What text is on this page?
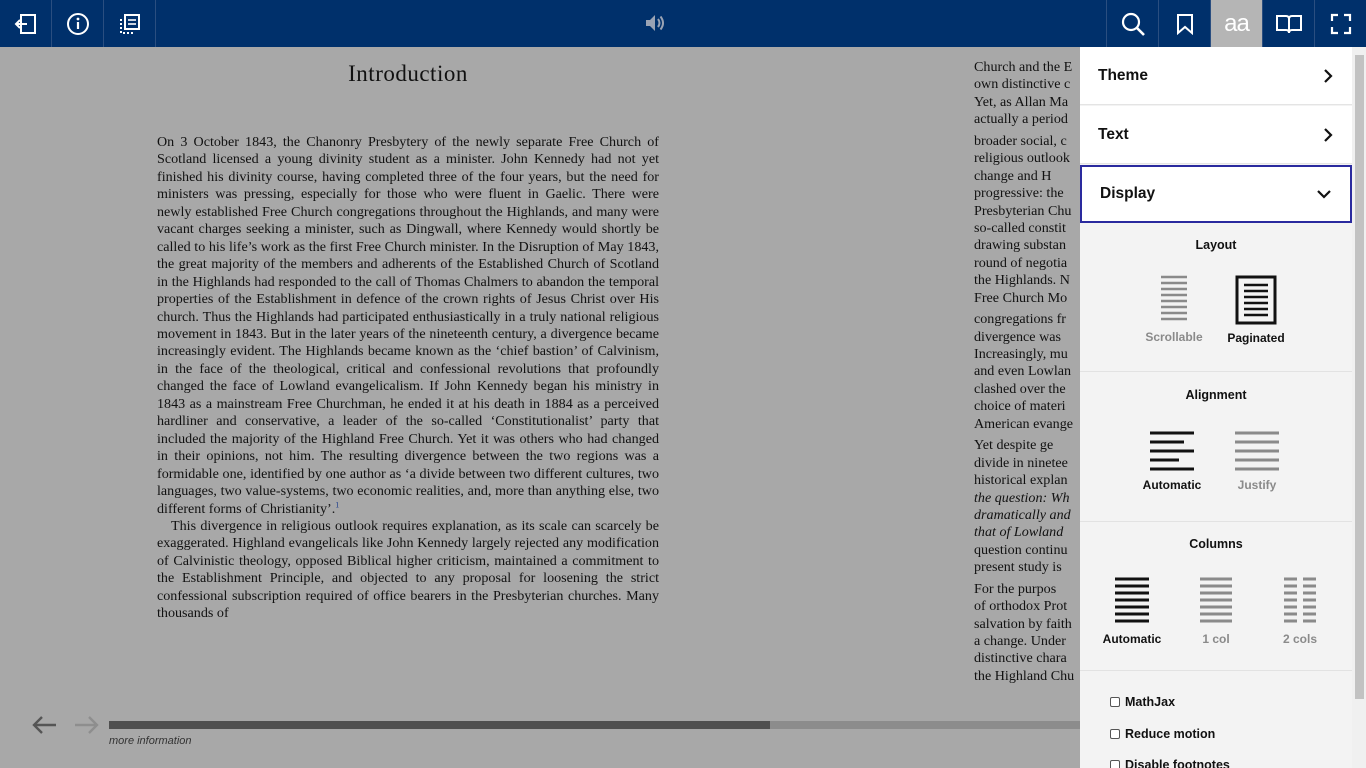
aa
Introduction

On 3 October 1843, the Chanonry Presbytery of the newly separate Free Church of Scotland licensed a young divinity student as a minister. John Kennedy had not yet finished his divinity course, having completed three of the four years, but the need for ministers was pressing, especially for those who were fluent in Gaelic. There were newly established Free Church congregations throughout the Highlands, and many were vacant charges seeking a minister, such as Dingwall, where Kennedy would shortly be called to his life’s work as the first Free Church minister. In the Disruption of May 1843, the great majority of the members and adherents of the Established Church of Scotland in the Highlands had responded to the call of Thomas Chalmers to abandon the temporal properties of the Establishment in defence of the crown rights of Jesus Christ over His church. Thus the Highlands had participated enthusiastically in a truly national religious movement in 1843. But in the later years of the nineteenth century, a divergence became increasingly evident. The Highlands became known as the ‘chief bastion’ of Calvinism, in the face of the theological, critical and confessional revolutions that profoundly changed the face of Lowland evangelicalism. If John Kennedy began his ministry in 1843 as a mainstream Free Churchman, he ended it at his death in 1884 as a perceived hardliner and conservative, a leader of the so-called ‘Constitutionalist’ party that included the majority of the Highland Free Church. Yet it was others who had changed in their opinions, not him. The resulting divergence between the two regions was a formidable one, identified by one author as ‘a divide between two different cultures, two languages, two value-systems, two economic realities, and, more than anything else, two different forms of Christianity’.$^1$

This divergence in religious outlook requires explanation, as its scale can scarcely be exaggerated. Highland evangelicals like John Kennedy largely rejected any modification of Calvinistic theology, opposed Biblical higher criticism, maintained a commitment to the Establishment Principle, and objected to any proposal for loosening the strict confessional subscription required of office bearers in the Presbyterian churches. Many thousands of

Church and the E
own distinctive c
Yet, as Allan Ma
actually a period
broader social, c
religious outlook
change and H
progressive: the
Presbyterian Chu
so-called constit
drawing substan
round of negotia
the Highlands. N
Free Church Mo
congregations fr
divergence was
Increasingly, mu
and even Lowlan
clashed over the
choice of materi
American evange
Yet despite ge
divide in ninetee
historical explan
the question: Wh
dramatically and
that of Lowland
question continu
present study is
For the purpos
of orthodox Prot
salvation by faith
a change. Under
distinctive chara
the Highland Chu
more information
Theme
Text
Display
Layout
Scrollable Paginated
Alignment
Automatic	Justify
Columns
Automatic	1 col	2 cols
MathJax
Reduce motion
Disable footnotes
